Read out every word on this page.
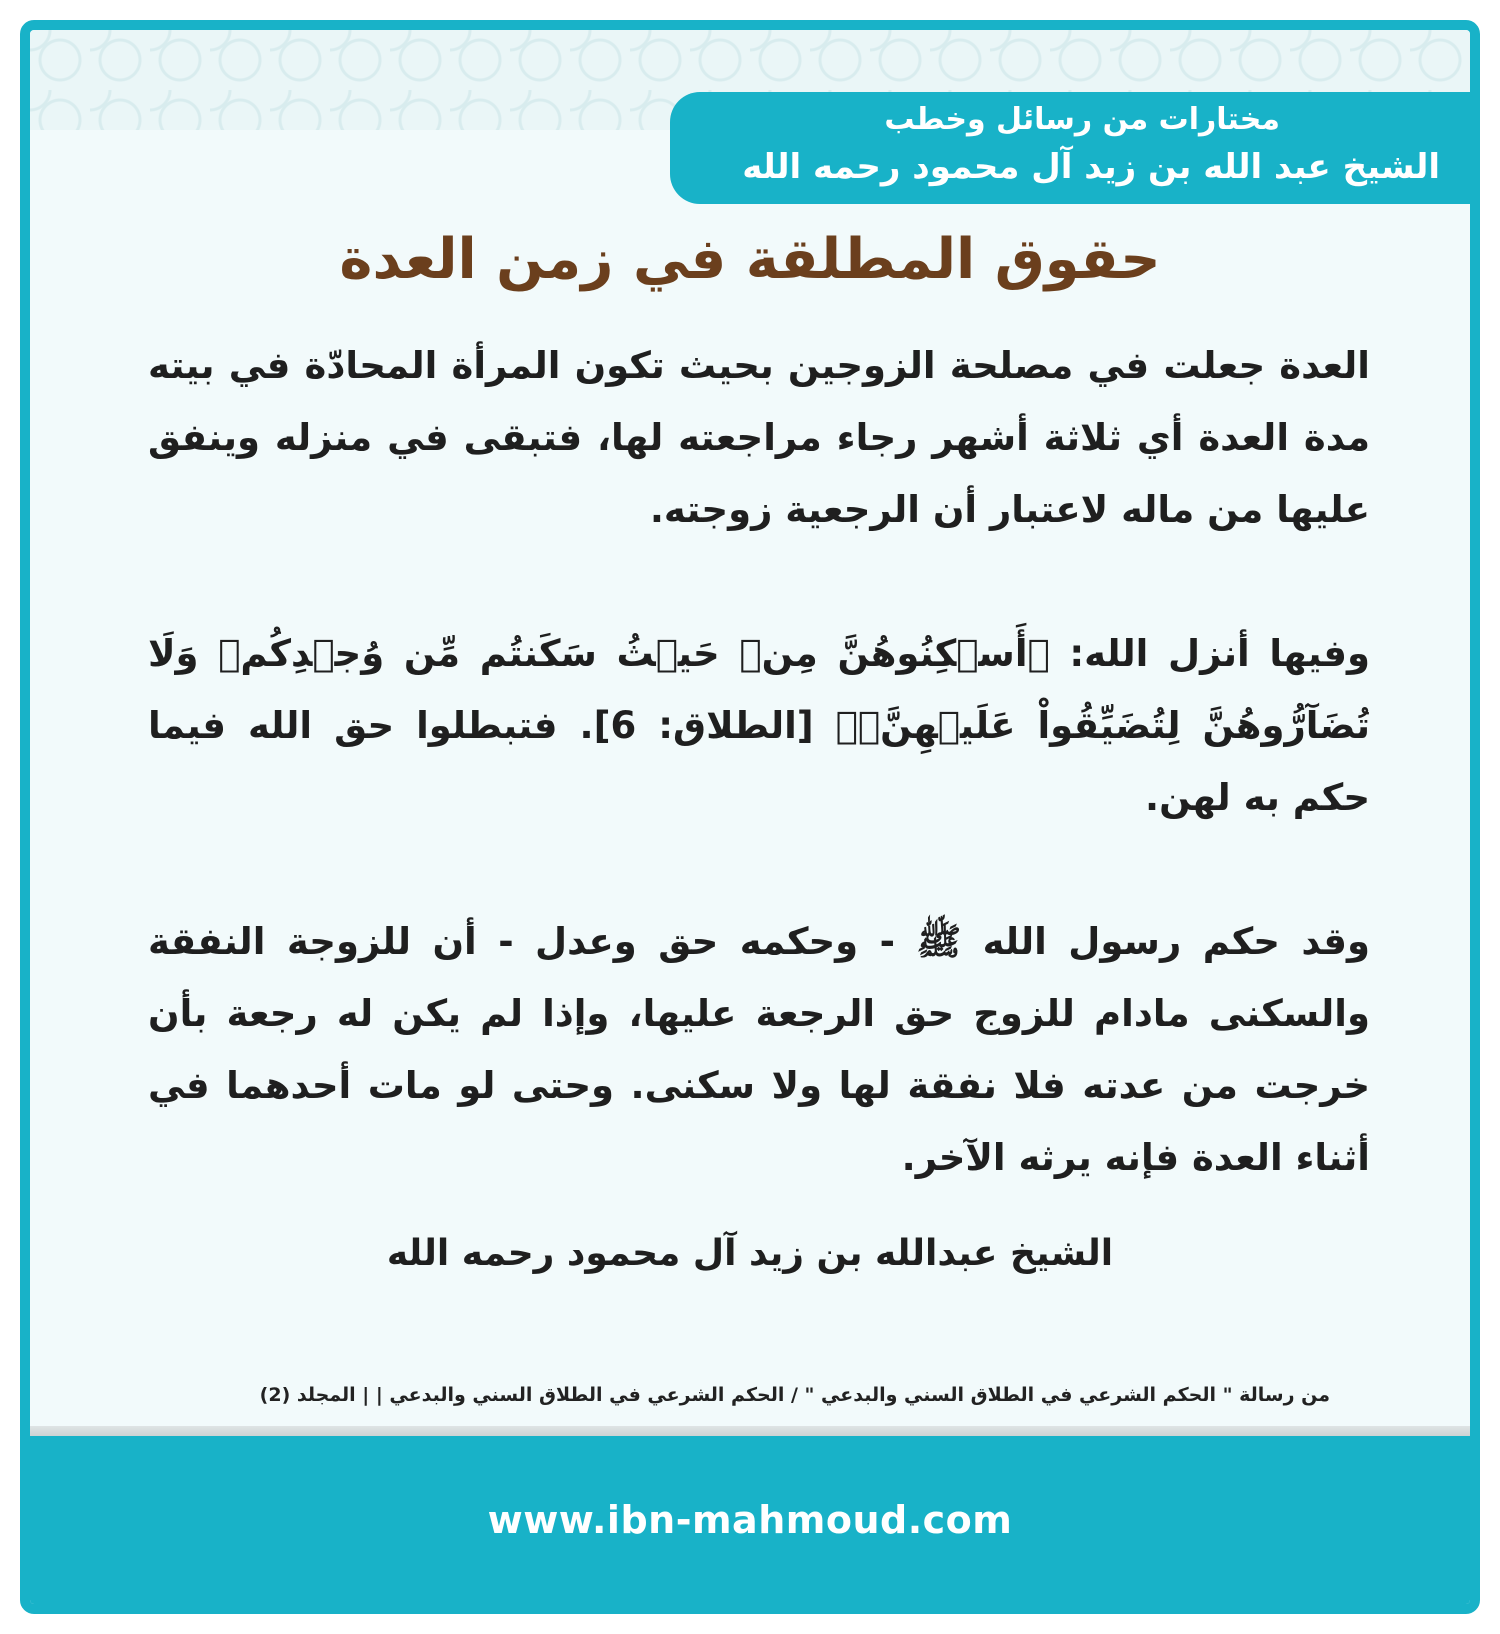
مختارات من رسائل وخطب
الشيخ عبد الله بن زيد آل محمود رحمه الله
حقوق المطلقة في زمن العدة

العدة جعلت في مصلحة الزوجين بحيث تكون المرأة المحادّة في بيته مدة العدة أي ثلاثة أشهر رجاء مراجعته لها، فتبقى في منزله وينفق عليها من ماله لاعتبار أن الرجعية زوجته.

وفيها أنزل الله: ﴿أَسۡكِنُوهُنَّ مِنۡ حَيۡثُ سَكَنتُم مِّن وُجۡدِكُمۡ وَلَا تُضَآرُّوهُنَّ لِتُضَيِّقُواْ عَلَيۡهِنَّۚ﴾ [الطلاق: 6]. فتبطلوا حق الله فيما حكم به لهن.

وقد حكم رسول الله ﷺ - وحكمه حق وعدل - أن للزوجة النفقة والسكنى مادام للزوج حق الرجعة عليها، وإذا لم يكن له رجعة بأن خرجت من عدته فلا نفقة لها ولا سكنى. وحتى لو مات أحدهما في أثناء العدة فإنه يرثه الآخر.

الشيخ عبدالله بن زيد آل محمود رحمه الله
من رسالة " الحكم الشرعي في الطلاق السني والبدعي " / الحكم الشرعي في الطلاق السني والبدعي | | المجلد (2)
www.ibn-mahmoud.com
